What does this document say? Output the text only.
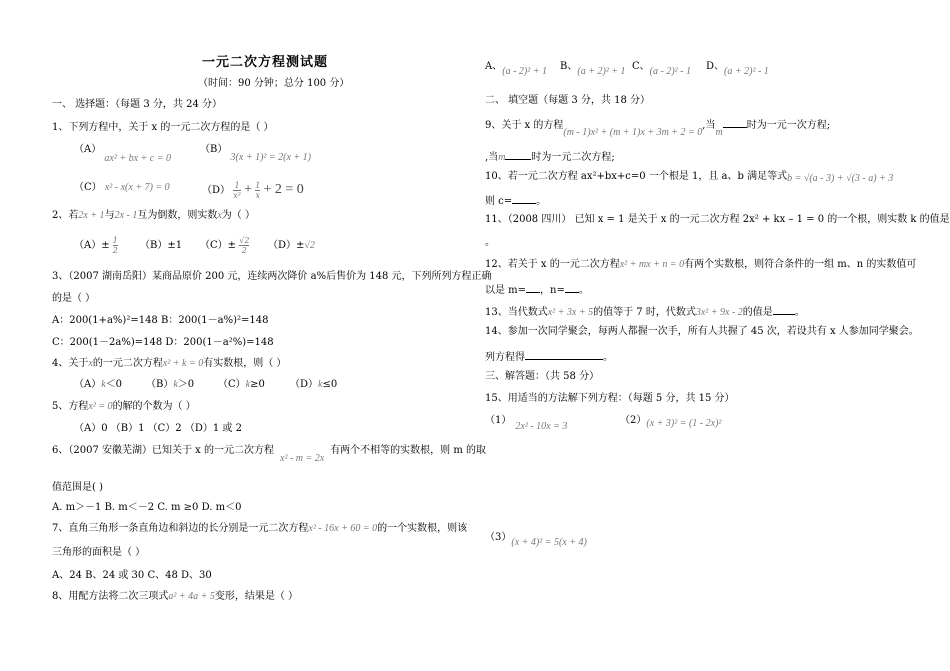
一元二次方程测试题
（时间：90 分钟；总分 100 分）
一、 选择题：（每题 3 分，共 24 分）
1、下列方程中，关于 x 的一元二次方程的是（ ）
（A） ax² + bx + c = 0
（B） 3(x + 1)² = 2(x + 1)
（C） x² - x(x + 7) = 0	$(D) \frac{1}{\text{x²}} + \frac{1}{x} + 2 = 0$
2、若2x + 1与2x - 1互为倒数，则实数x为（ ）
$(A)\pm \frac{1}{2} (B)\pm 1$ $(C)\pm \frac{√2}{2} (D)\pm√2$
3、（2007 湖南岳阳）某商品原价 200 元，连续两次降价 a%后售价为 148 元，下列所列方程正确
的是（ ）
A：200(1+a%)²=148 B：200(1－a%)²=148
C：200(1－2a%)=148 D：200(1－a²%)=148
4、关于x的一元二次方程x² + k = 0有实数根，则（ ）
（A）k＜0 （B）k＞0 （C）k≥0	（D）k≤0
5、方程x² = 0的解的个数为（ ）
（A）0 （B）1 （C）2 （D）1 或 2
6、（2007 安徽芜湖）已知关于 x 的一元二次方程x² - m = 2x有两个不相等的实数根，则 m 的取
值范围是( )
A. m＞－1 B. m＜－2 C. m ≥0 D. m＜0
7、直角三角形一条直角边和斜边的长分别是一元二次方程x² - 16x + 60 = 0的一个实数根，则该
三角形的面积是（ ）
A、24 B、24 或 30 C、48 D、30
8、用配方法将二次三项式a² + 4a + 5变形，结果是（ ）
A、(a - 2)² + 1 B、(a + 2)² + 1 C、(a - 2)² - 1 D、(a + 2)² - 1
二、 填空题（每题 3 分，共 18 分）
9、关于 x 的方程(m - 1)x² + (m + 1)x + 3m + 2 = 0,当m时为一元一次方程;
,当m	时为一元二次方程;
10、若一元二次方程 ax²+bx+c=0 一个根是 1，且 a、b 满足等式b = √(a - 3) + √(3 - a) + 3
则 c= 。
11、（2008 四川） 已知 x = 1 是关于 x 的一元二次方程 2x² + kx – 1 = 0 的一个根，则实数 k 的值是
。
12、若关于 x 的一元二次方程x² + mx + n = 0有两个实数根，则符合条件的一组 m、n 的实数值可
以是 m= ，n= 。
13、当代数式x² + 3x + 5的值等于 7 时，代数式3x² + 9x - 2的值是 。
14、参加一次同学聚会，每两人都握一次手，所有人共握了 45 次，若设共有 x 人参加同学聚会。
列方程得	。
三、解答题：（共 58 分）
15、用适当的方法解下列方程：（每题 5 分，共 15 分）
（1）2x² - 10x = 3
（2）(x + 3)² = (1 - 2x)²
（3）(x + 4)² = 5(x + 4)
